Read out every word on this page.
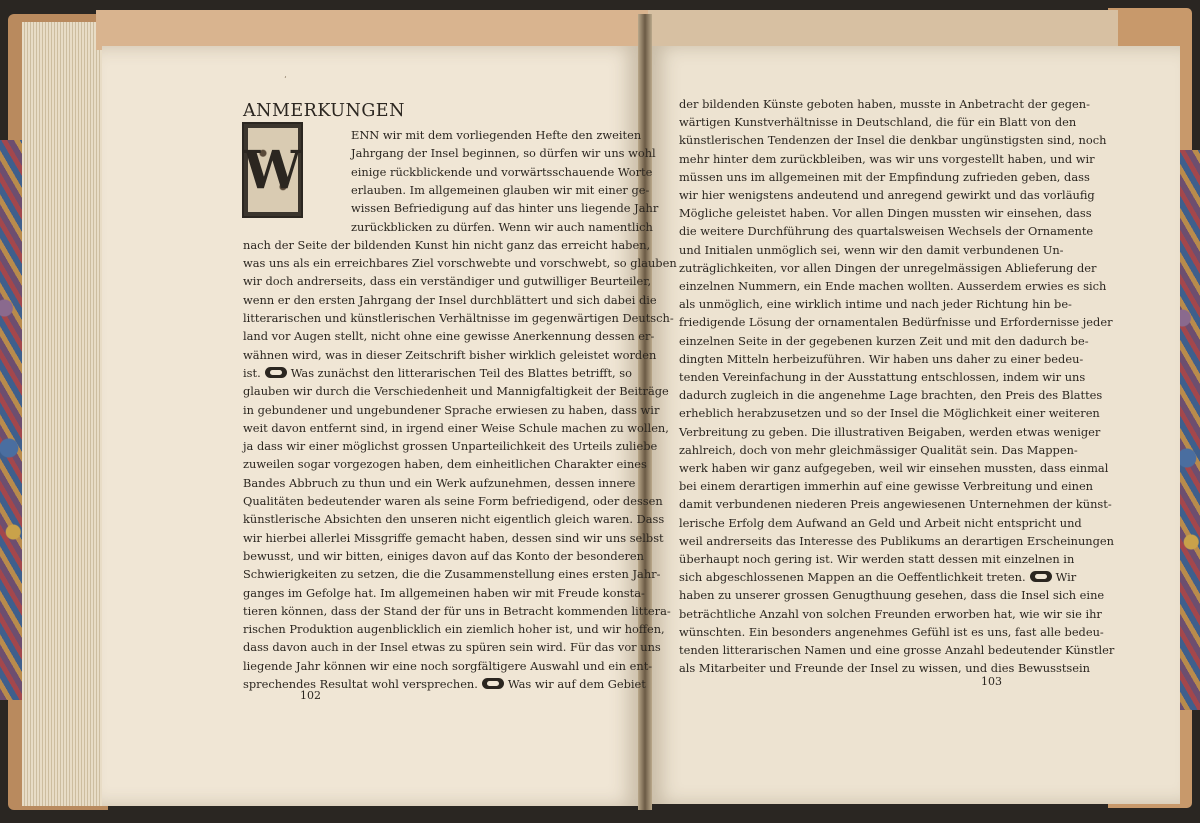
ʻ
ANMERKUNGEN
W
ENN wir mit dem vorliegenden Hefte den zweiten
Jahrgang der Insel beginnen, so dürfen wir uns wohl
einige rückblickende und vorwärtsschauende Worte
erlauben. Im allgemeinen glauben wir mit einer ge-
wissen Befriedigung auf das hinter uns liegende Jahr
zurückblicken zu dürfen. Wenn wir auch namentlich
nach der Seite der bildenden Kunst hin nicht ganz das erreicht haben,
was uns als ein erreichbares Ziel vorschwebte und vorschwebt, so glauben
wir doch andrerseits, dass ein verständiger und gutwilliger Beurteiler,
wenn er den ersten Jahrgang der Insel durchblättert und sich dabei die
litterarischen und künstlerischen Verhältnisse im gegenwärtigen Deutsch-
land vor Augen stellt, nicht ohne eine gewisse Anerkennung dessen er-
wähnen wird, was in dieser Zeitschrift bisher wirklich geleistet worden
ist.	Was zunächst den litterarischen Teil des Blattes betrifft, so
glauben wir durch die Verschiedenheit und Mannigfaltigkeit der Beiträge
in gebundener und ungebundener Sprache erwiesen zu haben, dass wir
weit davon entfernt sind, in irgend einer Weise Schule machen zu wollen,
ja dass wir einer möglichst grossen Unparteilichkeit des Urteils zuliebe
zuweilen sogar vorgezogen haben, dem einheitlichen Charakter eines
Bandes Abbruch zu thun und ein Werk aufzunehmen, dessen innere
Qualitäten bedeutender waren als seine Form befriedigend, oder dessen
künstlerische Absichten den unseren nicht eigentlich gleich waren. Dass
wir hierbei allerlei Missgriffe gemacht haben, dessen sind wir uns selbst
bewusst, und wir bitten, einiges davon auf das Konto der besonderen
Schwierigkeiten zu setzen, die die Zusammenstellung eines ersten Jahr-
ganges im Gefolge hat. Im allgemeinen haben wir mit Freude konsta-
tieren können, dass der Stand der für uns in Betracht kommenden littera-
rischen Produktion augenblicklich ein ziemlich hoher ist, und wir hoffen,
dass davon auch in der Insel etwas zu spüren sein wird. Für das vor uns
liegende Jahr können wir eine noch sorgfältigere Auswahl und ein ent-
sprechendes Resultat wohl versprechen.	Was wir auf dem Gebiet
der bildenden Künste geboten haben, musste in Anbetracht der gegen-
wärtigen Kunstverhältnisse in Deutschland, die für ein Blatt von den
künstlerischen Tendenzen der Insel die denkbar ungünstigsten sind, noch
mehr hinter dem zurückbleiben, was wir uns vorgestellt haben, und wir
müssen uns im allgemeinen mit der Empfindung zufrieden geben, dass
wir hier wenigstens andeutend und anregend gewirkt und das vorläufig
Mögliche geleistet haben. Vor allen Dingen mussten wir einsehen, dass
die weitere Durchführung des quartalsweisen Wechsels der Ornamente
und Initialen unmöglich sei, wenn wir den damit verbundenen Un-
zuträglichkeiten, vor allen Dingen der unregelmässigen Ablieferung der
einzelnen Nummern, ein Ende machen wollten. Ausserdem erwies es sich
als unmöglich, eine wirklich intime und nach jeder Richtung hin be-
friedigende Lösung der ornamentalen Bedürfnisse und Erfordernisse jeder
einzelnen Seite in der gegebenen kurzen Zeit und mit den dadurch be-
dingten Mitteln herbeizuführen. Wir haben uns daher zu einer bedeu-
tenden Vereinfachung in der Ausstattung entschlossen, indem wir uns
dadurch zugleich in die angenehme Lage brachten, den Preis des Blattes
erheblich herabzusetzen und so der Insel die Möglichkeit einer weiteren
Verbreitung zu geben. Die illustrativen Beigaben, werden etwas weniger
zahlreich, doch von mehr gleichmässiger Qualität sein. Das Mappen-
werk haben wir ganz aufgegeben, weil wir einsehen mussten, dass einmal
bei einem derartigen immerhin auf eine gewisse Verbreitung und einen
damit verbundenen niederen Preis angewiesenen Unternehmen der künst-
lerische Erfolg dem Aufwand an Geld und Arbeit nicht entspricht und
weil andrerseits das Interesse des Publikums an derartigen Erscheinungen
überhaupt noch gering ist. Wir werden statt dessen mit einzelnen in
sich abgeschlossenen Mappen an die Oeffentlichkeit treten.	Wir
haben zu unserer grossen Genugthuung gesehen, dass die Insel sich eine
beträchtliche Anzahl von solchen Freunden erworben hat, wie wir sie ihr
wünschten. Ein besonders angenehmes Gefühl ist es uns, fast alle bedeu-
tenden litterarischen Namen und eine grosse Anzahl bedeutender Künstler
als Mitarbeiter und Freunde der Insel zu wissen, und dies Bewusstsein
102
103
